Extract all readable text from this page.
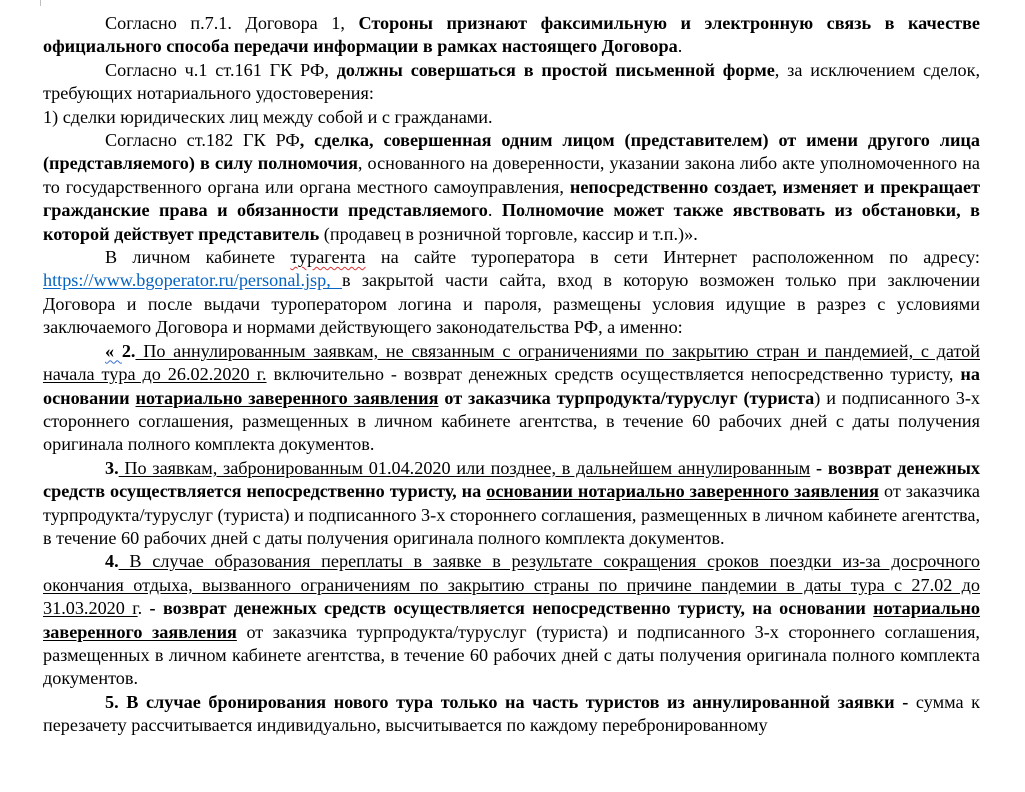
Согласно п.7.1. Договора 1, Стороны признают факсимильную и электронную связь в качестве официального способа передачи информации в рамках настоящего Договора.

Согласно ч.1 ст.161 ГК РФ, должны совершаться в простой письменной форме, за исключением сделок, требующих нотариального удостоверения:

1) сделки юридических лиц между собой и с гражданами.

Согласно ст.182 ГК РФ, сделка, совершенная одним лицом (представителем) от имени другого лица (представляемого) в силу полномочия, основанного на доверенности, указании закона либо акте уполномоченного на то государственного органа или органа местного самоуправления, непосредственно создает, изменяет и прекращает гражданские права и обязанности представляемого. Полномочие может также явствовать из обстановки, в которой действует представитель (продавец в розничной торговле, кассир и т.п.)».

В личном кабинете турагента на сайте туроператора в сети Интернет расположенном по адресу: https://www.bgoperator.ru/personal.jsp, в закрытой части сайта, вход в которую возможен только при заключении Договора и после выдачи туроператором логина и пароля, размещены условия идущие в разрез с условиями заключаемого Договора и нормами действующего законодательства РФ, а именно:

« 2. По аннулированным заявкам, не связанным с ограничениями по закрытию стран и пандемией, с датой начала тура до 26.02.2020 г. включительно - возврат денежных средств осуществляется непосредственно туристу, на основании нотариально заверенного заявления от заказчика турпродукта/туруслуг (туриста) и подписанного 3-х стороннего соглашения, размещенных в личном кабинете агентства, в течение 60 рабочих дней с даты получения оригинала полного комплекта документов.

3. По заявкам, забронированным 01.04.2020 или позднее, в дальнейшем аннулированным - возврат денежных средств осуществляется непосредственно туристу, на основании нотариально заверенного заявления от заказчика турпродукта/туруслуг (туриста) и подписанного 3-х стороннего соглашения, размещенных в личном кабинете агентства, в течение 60 рабочих дней с даты получения оригинала полного комплекта документов.

4. В случае образования переплаты в заявке в результате сокращения сроков поездки из-за досрочного окончания отдыха, вызванного ограничениям по закрытию страны по причине пандемии в даты тура с 27.02 до 31.03.2020 г. - возврат денежных средств осуществляется непосредственно туристу, на основании нотариально заверенного заявления от заказчика турпродукта/туруслуг (туриста) и подписанного 3-х стороннего соглашения, размещенных в личном кабинете агентства, в течение 60 рабочих дней с даты получения оригинала полного комплекта документов.

5. В случае бронирования нового тура только на часть туристов из аннулированной заявки - сумма к перезачету рассчитывается индивидуально, высчитывается по каждому перебронированному
